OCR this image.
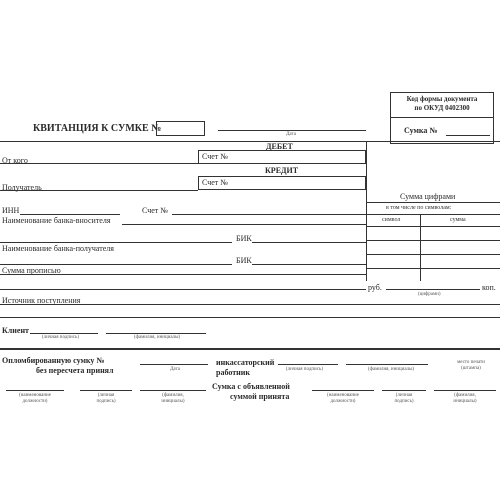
Код формы документа
по ОКУД 0402300
Сумка №
КВИТАНЦИЯ К СУМКЕ №
Дата
ДЕБЕТ
Счет №
От кого
КРЕДИТ
Счет №
Получатель
Сумма цифрами
в том числе по символам:
символ	сумма
ИНН	Счет №
Наименование банка-вносителя
БИК
Наименование банка-получателя
БИК
Сумма прописью
руб.	коп.
(цифрами)
Источник поступления
Клиент
(личная подпись)	(фамилия, инициалы)
Опломбированную сумку №
без пересчета принял	Дата
инкассаторский
работник	(личная подпись)	(фамилия, инициалы)
место печати
(штампа)
(наименование
должности)
(личная
подпись)
(фамилия,
инициалы)
Сумка с объявленной
суммой принята	(наименование
должности)
(личная
подпись)
(фамилия,
инициалы)
